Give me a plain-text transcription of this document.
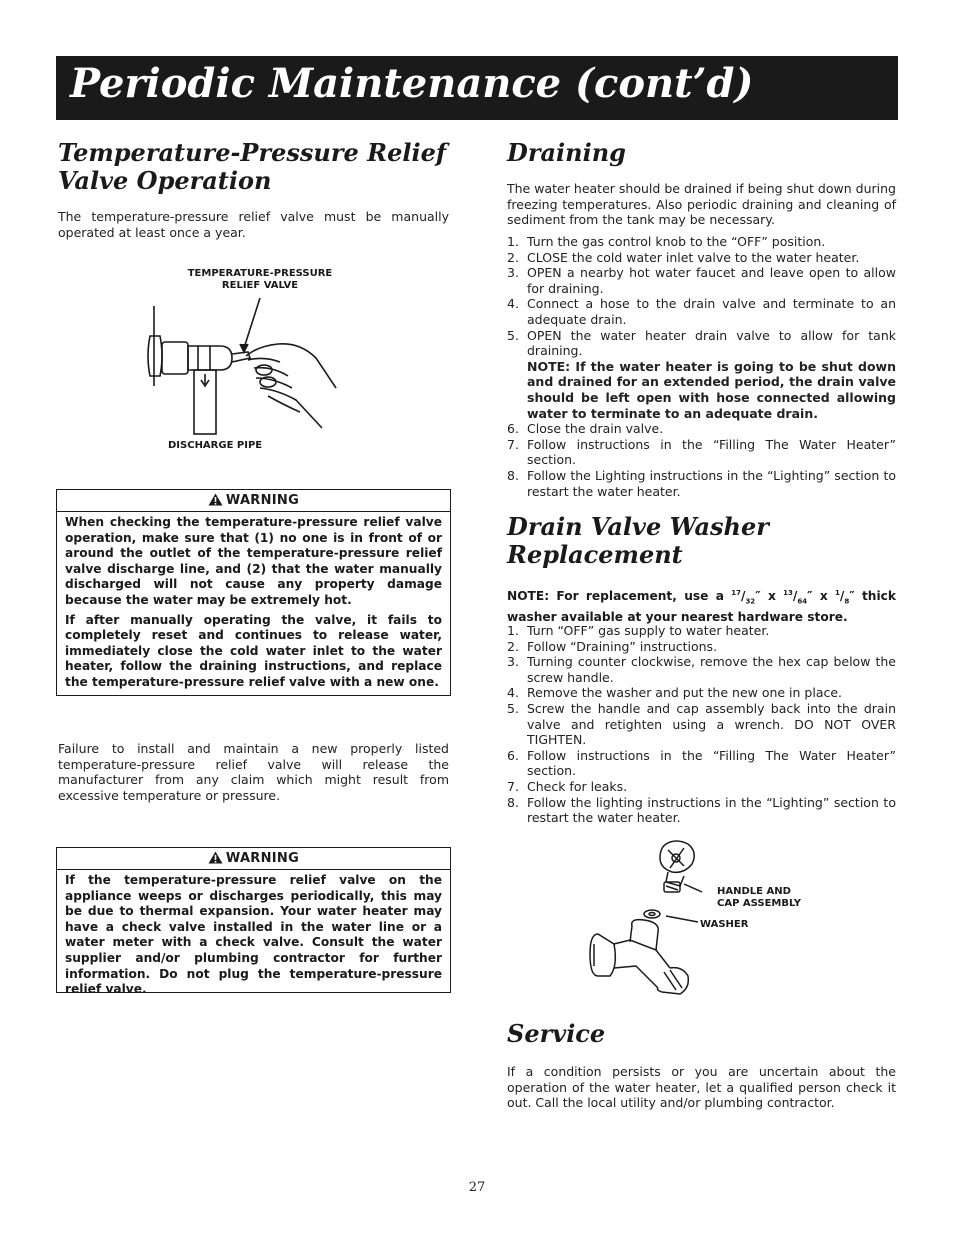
Periodic Maintenance (cont’d)
Temperature-Pressure Relief
Valve Operation
The temperature-pressure relief valve must be manually operated at least once a year.
TEMPERATURE-PRESSURE
RELIEF VALVE
DISCHARGE PIPE
WARNING

When checking the temperature-pressure relief valve operation, make sure that (1) no one is in front of or around the outlet of the temperature-pressure relief valve discharge line, and (2) that the water manually discharged will not cause any property damage because the water may be extremely hot.

If after manually operating the valve, it fails to completely reset and continues to release water, immediately close the cold water inlet to the water heater, follow the draining instructions, and replace the temperature-pressure relief valve with a new one.

Failure to install and maintain a new properly listed temperature-pressure relief valve will release the manufacturer from any claim which might result from excessive temperature or pressure.
WARNING

If the temperature-pressure relief valve on the appliance weeps or discharges periodically, this may be due to thermal expansion. Your water heater may have a check valve installed in the water line or a water meter with a check valve. Consult the water supplier and/or plumbing contractor for further information. Do not plug the temperature-pressure relief valve.

Draining
The water heater should be drained if being shut down during freezing temperatures. Also periodic draining and cleaning of sediment from the tank may be necessary.
1. Turn the gas control knob to the “OFF” position.
2. CLOSE the cold water inlet valve to the water heater.
3. OPEN a nearby hot water faucet and leave open to allow for draining.
4. Connect a hose to the drain valve and terminate to an adequate drain.
5. OPEN the water heater drain valve to allow for tank draining.
NOTE: If the water heater is going to be shut down and drained for an extended period, the drain valve should be left open with hose connected allowing water to terminate to an adequate drain.
6. Close the drain valve.
7. Follow instructions in the “Filling The Water Heater” section.
8. Follow the Lighting instructions in the “Lighting” section to restart the water heater.
Drain Valve Washer
Replacement
NOTE: For replacement, use a $^{17}/_{32}''$ x $^{13}/_{64}''$ x $^1/_8''$ thick washer available at your nearest hardware store.
1. Turn “OFF” gas supply to water heater.
2. Follow “Draining” instructions.
3. Turning counter clockwise, remove the hex cap below the screw handle.
4. Remove the washer and put the new one in place.
5. Screw the handle and cap assembly back into the drain valve and retighten using a wrench. DO NOT OVER TIGHTEN.
6. Follow instructions in the “Filling The Water Heater” section.
7. Check for leaks.
8. Follow the lighting instructions in the “Lighting” section to restart the water heater.
HANDLE AND
CAP ASSEMBLY
WASHER
Service
If a condition persists or you are uncertain about the operation of the water heater, let a qualified person check it out. Call the local utility and/or plumbing contractor.
27
